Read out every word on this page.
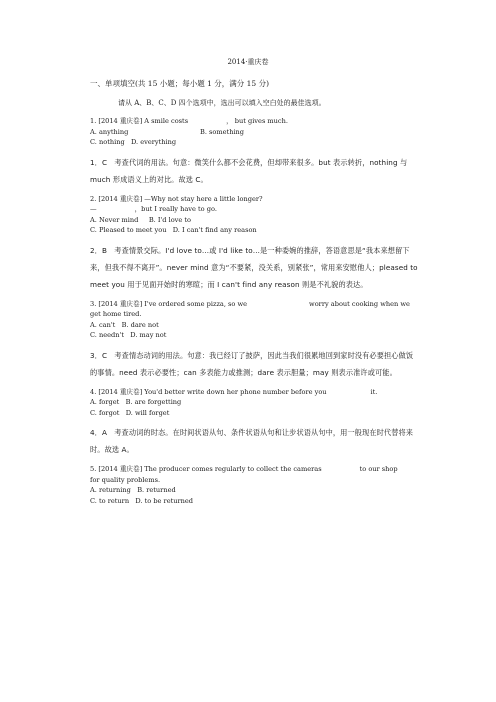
2014·重庆卷
一、单项填空(共 15 小题；每小题 1 分，满分 15 分)
请从 A、B、C、D 四个选项中，选出可以填入空白处的最佳选项。
1. [2014 重庆卷] A smile costs	， but gives much.
A. anything	B. something
C. nothing D. everything
1．C　考查代词的用法。句意：微笑什么都不会花费，但却带来很多。but 表示转折，nothing 与 much 形成语义上的对比。故选 C。
2. [2014 重庆卷] —Why not stay here a little longer?
—	，but I really have to go.
A. Never mind B. I'd love to
C. Pleased to meet you D. I can't find any reason
2．B　考查情景交际。I'd love to…或 I'd like to…是一种委婉的推辞，答语意思是“我本来想留下来，但我不得不离开”。never mind 意为“不要紧，没关系，别紧张”，常用来安慰他人；pleased to meet you 用于见面开始时的寒暄；而 I can't find any reason 则是不礼貌的表达。
3. [2014 重庆卷] I've ordered some pizza, so we	worry about cooking when we
get home tired.
A. can't B. dare not
C. needn't D. may not
3．C　考查情态动词的用法。句意：我已经订了披萨，因此当我们很累地回到家时没有必要担心做饭的事情。need 表示必要性；can 多表能力或推测；dare 表示胆量；may 则表示准许或可能。
4. [2014 重庆卷] You'd better write down her phone number before you	it.
A. forget B. are forgetting
C. forgot D. will forget
4．A　考查动词的时态。在时间状语从句、条件状语从句和让步状语从句中，用一般现在时代替将来时。故选 A。
5. [2014 重庆卷] The producer comes regularly to collect the cameras	to our shop
for quality problems.
A. returning B. returned
C. to return D. to be returned
